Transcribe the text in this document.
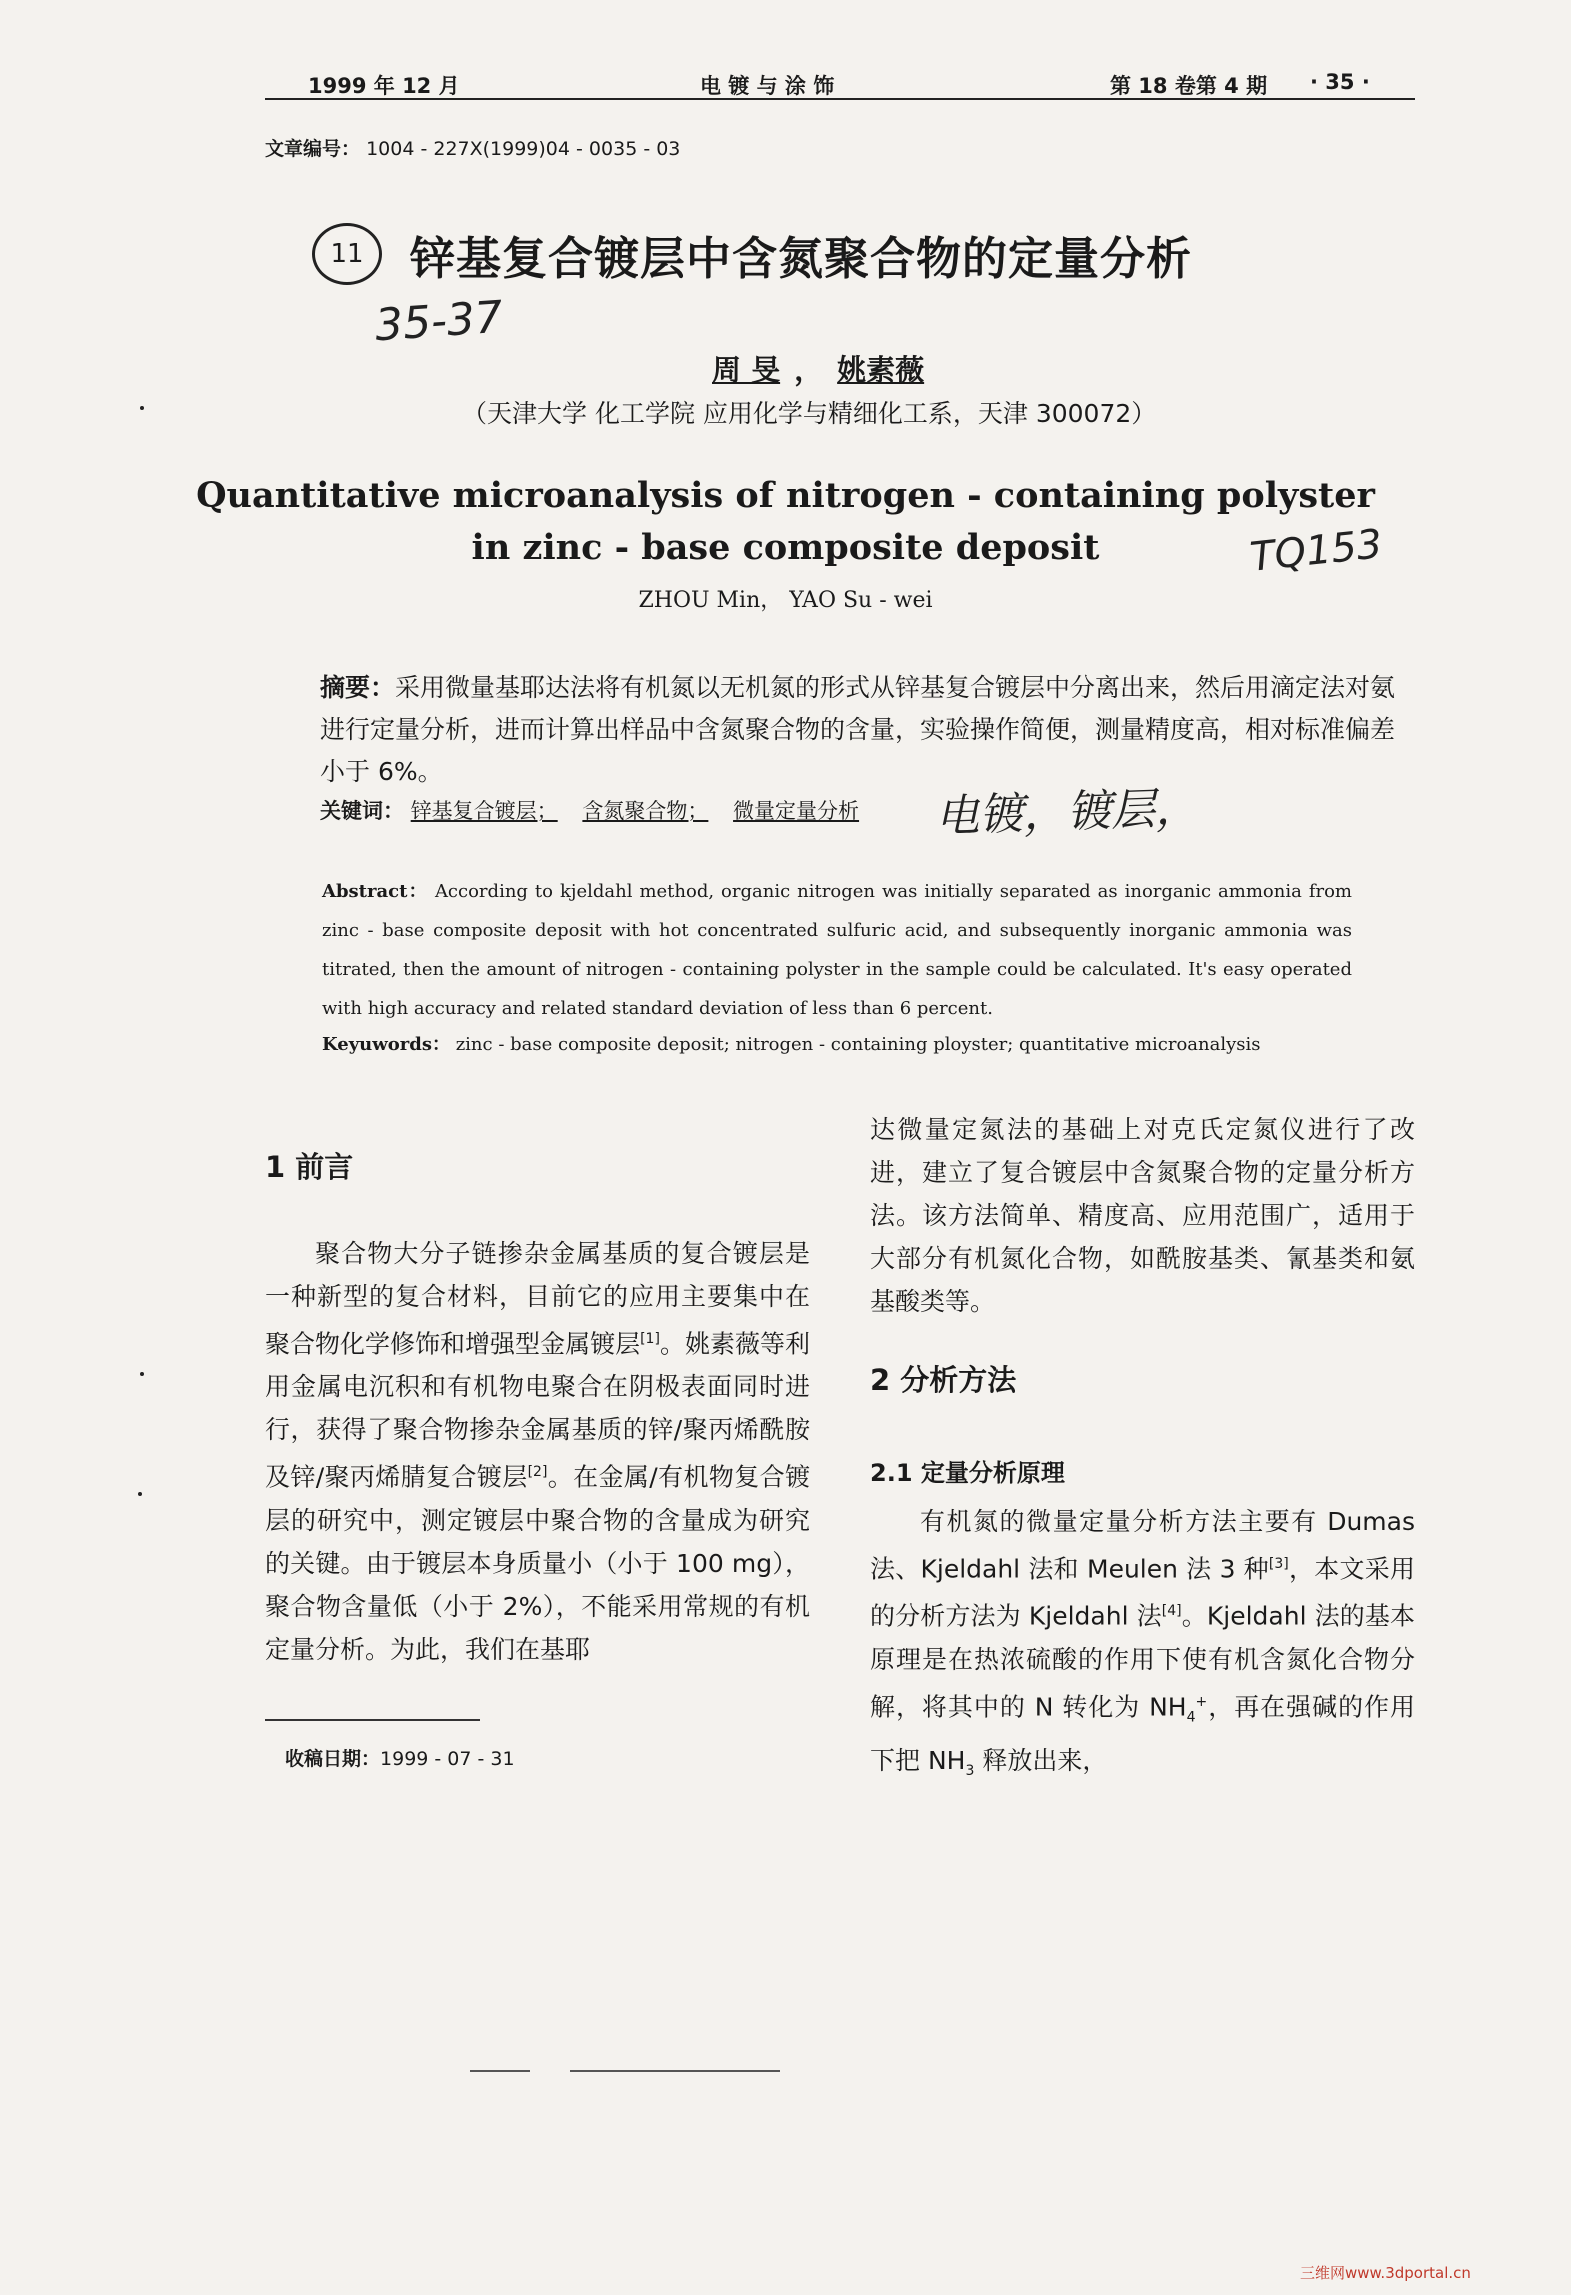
1999 年 12 月	电 镀 与 涂 饰	第 18 卷第 4 期 · 35 ·
文章编号： 1004 - 227X(1999)04 - 0035 - 03
11	锌基复合镀层中含氮聚合物的定量分析
35-37
周 旻 ， 姚素薇
（天津大学 化工学院 应用化学与精细化工系，天津 300072）
Quantitative microanalysis of nitrogen - containing polyster
in zinc - base composite deposit	TQ153
ZHOU Min， YAO Su - wei
摘要：采用微量基耶达法将有机氮以无机氮的形式从锌基复合镀层中分离出来，然后用滴定法对氨进行定量分析，进而计算出样品中含氮聚合物的含量，实验操作简便，测量精度高，相对标准偏差小于 6%。
关键词： 锌基复合镀层； 含氮聚合物； 微量定量分析	电镀，镀层，
Abstract： According to kjeldahl method, organic nitrogen was initially separated as inorganic ammonia from zinc - base composite deposit with hot concentrated sulfuric acid, and subsequently inorganic ammonia was titrated, then the amount of nitrogen - containing polyster in the sample could be calculated. It's easy operated with high accuracy and related standard deviation of less than 6 percent.
Keyuwords： zinc - base composite deposit; nitrogen - containing ployster; quantitative microanalysis
1 前言
聚合物大分子链掺杂金属基质的复合镀层是一种新型的复合材料，目前它的应用主要集中在聚合物化学修饰和增强型金属镀层[1]。姚素薇等利用金属电沉积和有机物电聚合在阴极表面同时进行，获得了聚合物掺杂金属基质的锌/聚丙烯酰胺及锌/聚丙烯腈复合镀层[2]。在金属/有机物复合镀层的研究中，测定镀层中聚合物的含量成为研究的关键。由于镀层本身质量小（小于 100 mg），聚合物含量低（小于 2%），不能采用常规的有机定量分析。为此，我们在基耶
收稿日期：1999 - 07 - 31
达微量定氮法的基础上对克氏定氮仪进行了改进，建立了复合镀层中含氮聚合物的定量分析方法。该方法简单、精度高、应用范围广，适用于大部分有机氮化合物，如酰胺基类、氰基类和氨基酸类等。
2 分析方法
2.1 定量分析原理
有机氮的微量定量分析方法主要有 Dumas 法、Kjeldahl 法和 Meulen 法 3 种[3]，本文采用的分析方法为 Kjeldahl 法[4]。Kjeldahl 法的基本原理是在热浓硫酸的作用下使有机含氮化合物分解，将其中的 N 转化为 $NH_4^+$，再在强碱的作用下把 $NH_3$ 释放出来，
三维网www.3dportal.cn
